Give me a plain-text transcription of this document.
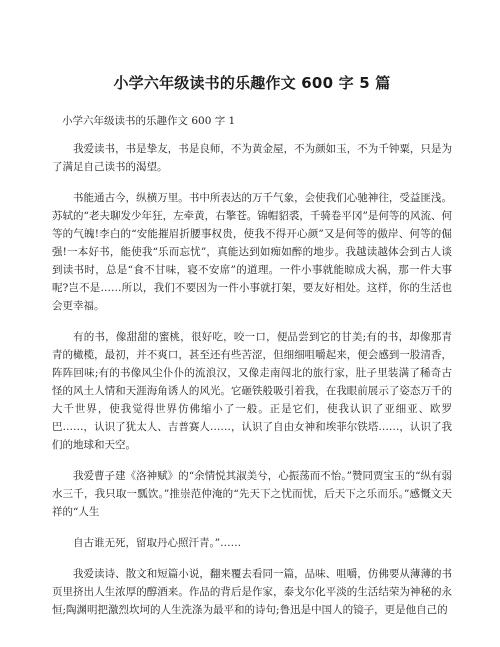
小学六年级读书的乐趣作文 600 字 5 篇
小学六年级读书的乐趣作文 600 字 1

我爱读书，书是挚友，书是良师，不为黄金屋，不为颜如玉，不为千钟粟，只是为了满足自己读书的渴望。

书能通古今，纵横万里。书中所表达的万千气象，会使我们心驰神往，受益匪浅。苏轼的“老夫聊发少年狂，左牵黄，右擎苍。锦帽貂裘，千骑卷平冈”是何等的风流、何等的气魄!李白的“安能摧眉折腰事权贵，使我不得开心颜”又是何等的傲岸、何等的倔强!一本好书，能使我“乐而忘忧”，真能达到如痴如醉的地步。我越读越体会到古人谈到读书时，总是“食不甘味，寝不安席”的道理。一件小事就能晾成大祸，那一件大事呢?岂不是……所以，我们不要因为一件小事就打架，要友好相处。这样，你的生活也会更幸福。

有的书，像甜甜的蜜桃，很好吃，咬一口，便品尝到它的甘美;有的书，却像那青青的橄榄，最初，并不爽口，甚至还有些苦涩，但细细咀嚼起来，便会感到一股清香，阵阵回味;有的书像风尘仆仆的流浪汉，又像走南闯北的旅行家，肚子里装满了稀奇古怪的风土人情和天涯海角诱人的风光。它砸铁般吸引着我，在我眼前展示了姿态万千的大千世界，使我觉得世界仿佛缩小了一般。正是它们，使我认识了亚细亚、欧罗巴……，认识了犹太人、吉普赛人……，认识了自由女神和埃菲尔铁塔……，认识了我们的地球和天空。

我爱曹子建《洛神赋》的“余情悦其淑美兮，心振荡而不怡。”赞同贾宝玉的“纵有弱水三千，我只取一瓢饮。”推崇范仲淹的“先天下之忧而忧，后天下之乐而乐。”感慨文天祥的“人生

自古谁无死，留取丹心照汗青。”……

我爱读诗、散文和短篇小说，翻来覆去看同一篇，品味、咀嚼，仿佛要从薄薄的书页里挤出人生浓厚的醇酒来。作品的背后是作家，泰戈尔化平淡的生活结荣为神秘的永恒;陶渊明把激烈坎坷的人生洗涤为最平和的诗句;鲁迅是中国人的镜子，更是他自己的
